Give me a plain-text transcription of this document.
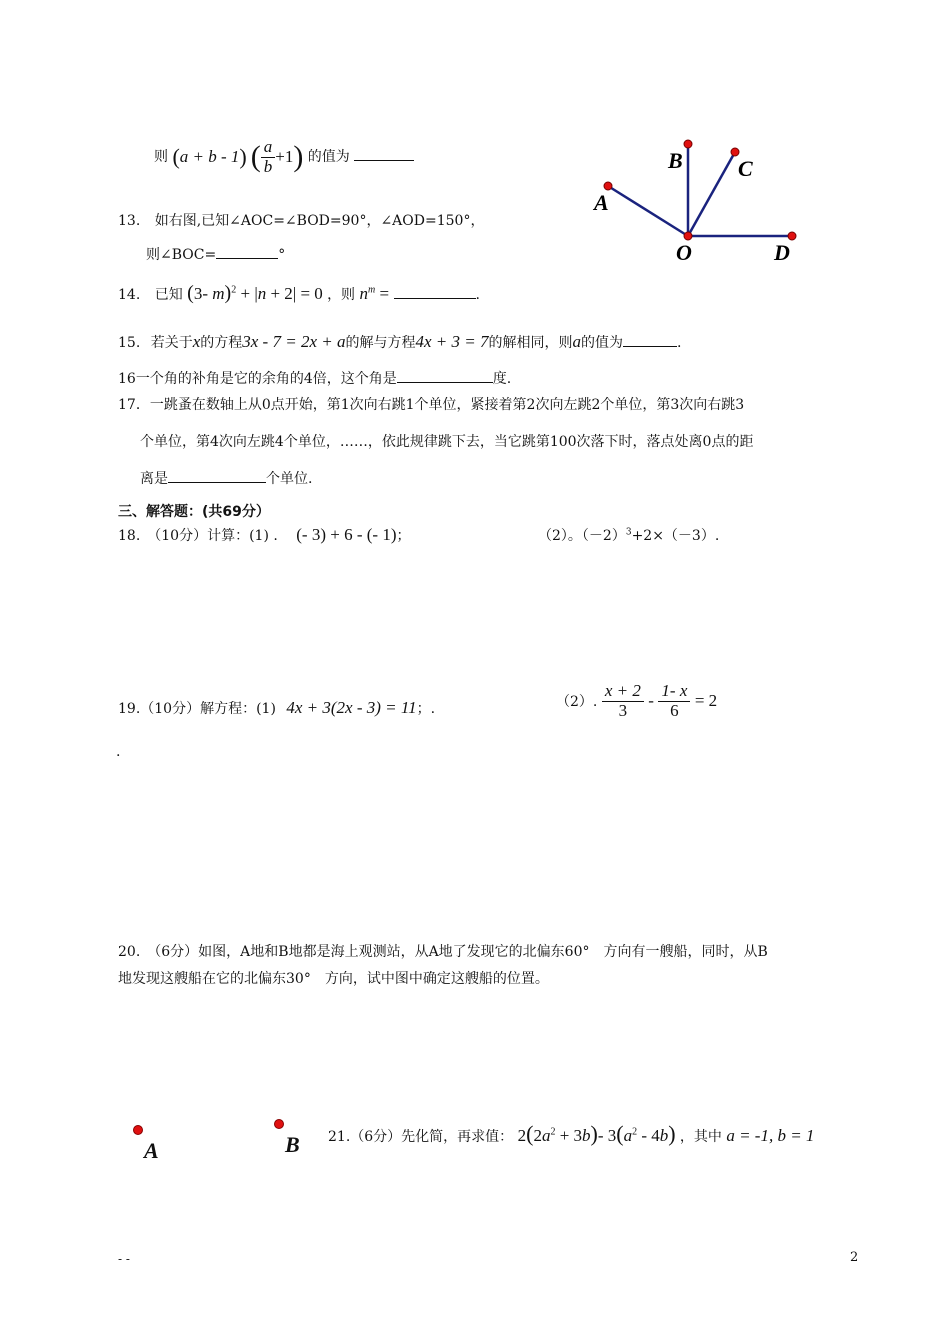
则 ( a + b - 1 ) ( $\frac{a}{b} +1$ ) 的值为
A
B	C
O	D
13. 如右图,已知∠AOC=∠BOD=90°，∠AOD=150°，
则∠BOC=	°
14. 已知 (3- m)$^2$ + |n + 2| = 0 ，则 $n^m$ =	.
15. 若关于x的方程3x - 7 = 2x + a的解与方程4x + 3 = 7的解相同，则a的值为	.
16一个角的补角是它的余角的4倍，这个角是	度.
17．一跳蚤在数轴上从0点开始，第1次向右跳1个单位，紧接着第2次向左跳2个单位，第3次向右跳3
个单位，第4次向左跳4个单位，……，依此规律跳下去，当它跳第100次落下时，落点处离0点的距
离是	个单位.
三、解答题：(共69分）
18.　（10分）计算：(1) . (- 3) + 6 - (- 1)；	（2）。$(-2)^3+2\times(-3)$.
19.（10分）解方程：(1) 4x + 3(2x - 3) = 11；.	（2）. $\frac{x + 2}{3} - \frac{1- x}{6} = 2$
.
20.　（6分）如图，A地和B地都是海上观测站，从A地了发现它的北偏东60°　方向有一艘船，同时，从B
地发现这艘船在它的北偏东30°　方向，试中图中确定这艘船的位置。
A	B 21.（6分）先化简，再求值： $2(2a^2 + 3b)-$ $3(a^2 - 4b)$ ，其中 a = -1, b = 1
- -	2
